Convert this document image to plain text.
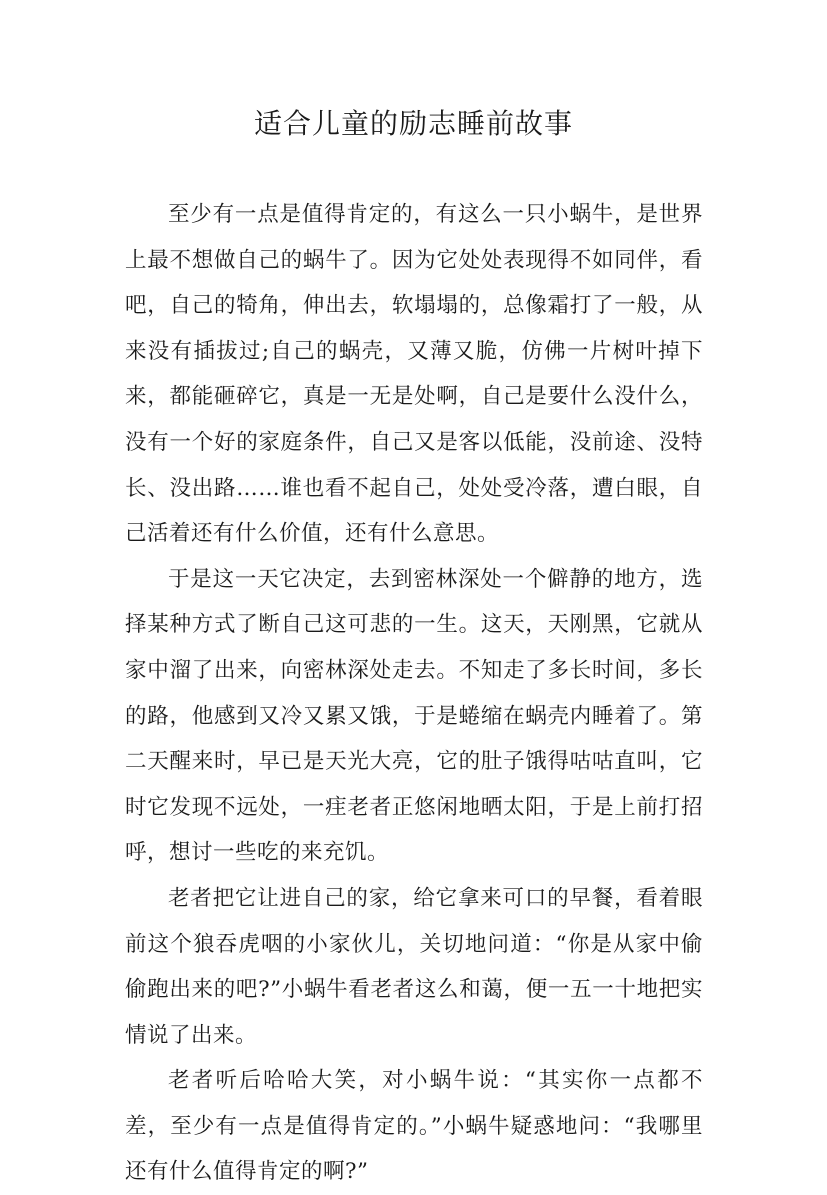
适合儿童的励志睡前故事

至少有一点是值得肯定的，有这么一只小蜗牛，是世界上最不想做自己的蜗牛了。因为它处处表现得不如同伴，看吧，自己的犄角，伸出去，软塌塌的，总像霜打了一般，从来没有插拔过;自己的蜗壳，又薄又脆，仿佛一片树叶掉下来，都能砸碎它，真是一无是处啊，自己是要什么没什么，没有一个好的家庭条件，自己又是客以低能，没前途、没特长、没出路……谁也看不起自己，处处受冷落，遭白眼，自己活着还有什么价值，还有什么意思。

于是这一天它决定，去到密林深处一个僻静的地方，选择某种方式了断自己这可悲的一生。这天，天刚黑，它就从家中溜了出来，向密林深处走去。不知走了多长时间，多长的路，他感到又冷又累又饿，于是蜷缩在蜗壳内睡着了。第二天醒来时，早已是天光大亮，它的肚子饿得咕咕直叫，它时它发现不远处，一疰老者正悠闲地晒太阳，于是上前打招呼，想讨一些吃的来充饥。

老者把它让进自己的家，给它拿来可口的早餐，看着眼前这个狼吞虎咽的小家伙儿，关切地问道：“你是从家中偷偷跑出来的吧?”小蜗牛看老者这么和蔼，便一五一十地把实情说了出来。

老者听后哈哈大笑，对小蜗牛说：“其实你一点都不差，至少有一点是值得肯定的。”小蜗牛疑惑地问：“我哪里还有什么值得肯定的啊?”
